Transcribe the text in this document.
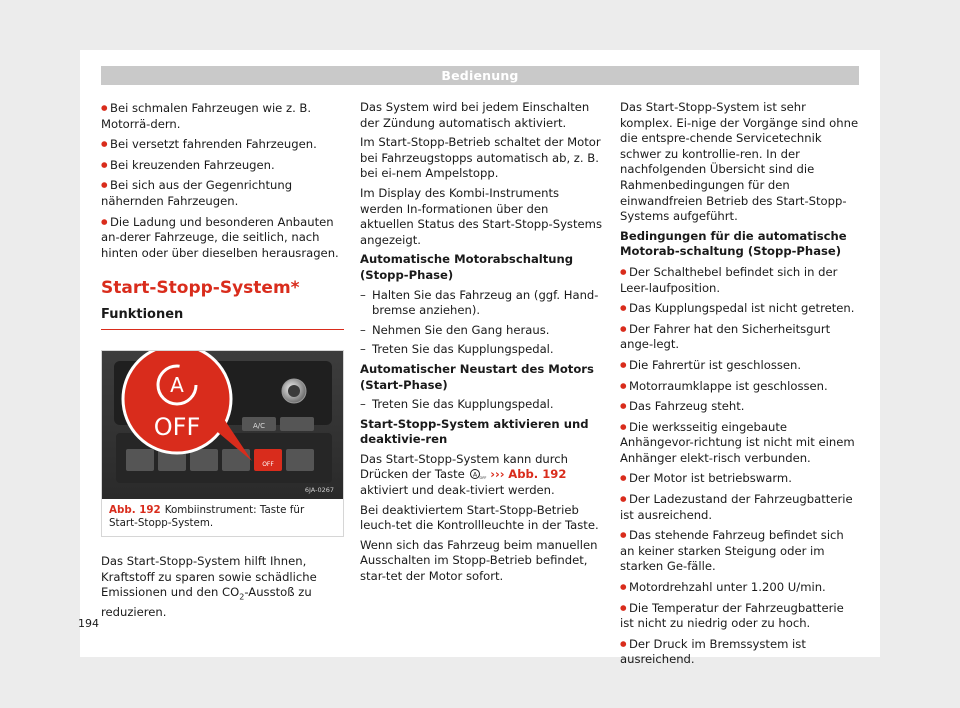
Bedienung

● Bei schmalen Fahrzeugen wie z. B. Motorrä-dern.

● Bei versetzt fahrenden Fahrzeugen.

● Bei kreuzenden Fahrzeugen.

● Bei sich aus der Gegenrichtung nähernden Fahrzeugen.

● Die Ladung und besonderen Anbauten an-derer Fahrzeuge, die seitlich, nach hinten oder über dieselben herausragen.

Start-Stopp-System*
Funktionen
A/C
OFF
A
OFF
6JA-0267
Abb. 192 Kombiinstrument: Taste für Start-Stopp-System.

Das Start-Stopp-System hilft Ihnen, Kraftstoff zu sparen sowie schädliche Emissionen und den $CO_2$-Ausstoß zu reduzieren.

Das System wird bei jedem Einschalten der Zündung automatisch aktiviert.

Im Start-Stopp-Betrieb schaltet der Motor bei Fahrzeugstopps automatisch ab, z. B. bei ei-nem Ampelstopp.

Im Display des Kombi-Instruments werden In-formationen über den aktuellen Status des Start-Stopp-Systems angezeigt.

Automatische Motorabschaltung (Stopp-Phase)

– Halten Sie das Fahrzeug an (ggf. Hand-bremse anziehen).

– Nehmen Sie den Gang heraus.

– Treten Sie das Kupplungspedal.

Automatischer Neustart des Motors (Start-Phase)

– Treten Sie das Kupplungspedal.

Start-Stopp-System aktivieren und deaktivie-ren

Das Start-Stopp-System kann durch Drücken der Taste A OFF ››› Abb. 192 aktiviert und deak-tiviert werden.

Bei deaktiviertem Start-Stopp-Betrieb leuch-tet die Kontrollleuchte in der Taste.

Wenn sich das Fahrzeug beim manuellen Ausschalten im Stopp-Betrieb befindet, star-tet der Motor sofort.

Das Start-Stopp-System ist sehr komplex. Ei-nige der Vorgänge sind ohne die entspre-chende Servicetechnik schwer zu kontrollie-ren. In der nachfolgenden Übersicht sind die Rahmenbedingungen für den einwandfreien Betrieb des Start-Stopp-Systems aufgeführt.

Bedingungen für die automatische Motorab-schaltung (Stopp-Phase)

● Der Schalthebel befindet sich in der Leer-laufposition.

● Das Kupplungspedal ist nicht getreten.

● Der Fahrer hat den Sicherheitsgurt ange-legt.

● Die Fahrertür ist geschlossen.

● Motorraumklappe ist geschlossen.

● Das Fahrzeug steht.

● Die werksseitig eingebaute Anhängevor-richtung ist nicht mit einem Anhänger elekt-risch verbunden.

● Der Motor ist betriebswarm.

● Der Ladezustand der Fahrzeugbatterie ist ausreichend.

● Das stehende Fahrzeug befindet sich an keiner starken Steigung oder im starken Ge-fälle.

● Motordrehzahl unter 1.200 U/min.

● Die Temperatur der Fahrzeugbatterie ist nicht zu niedrig oder zu hoch.

● Der Druck im Bremssystem ist ausreichend.

194
